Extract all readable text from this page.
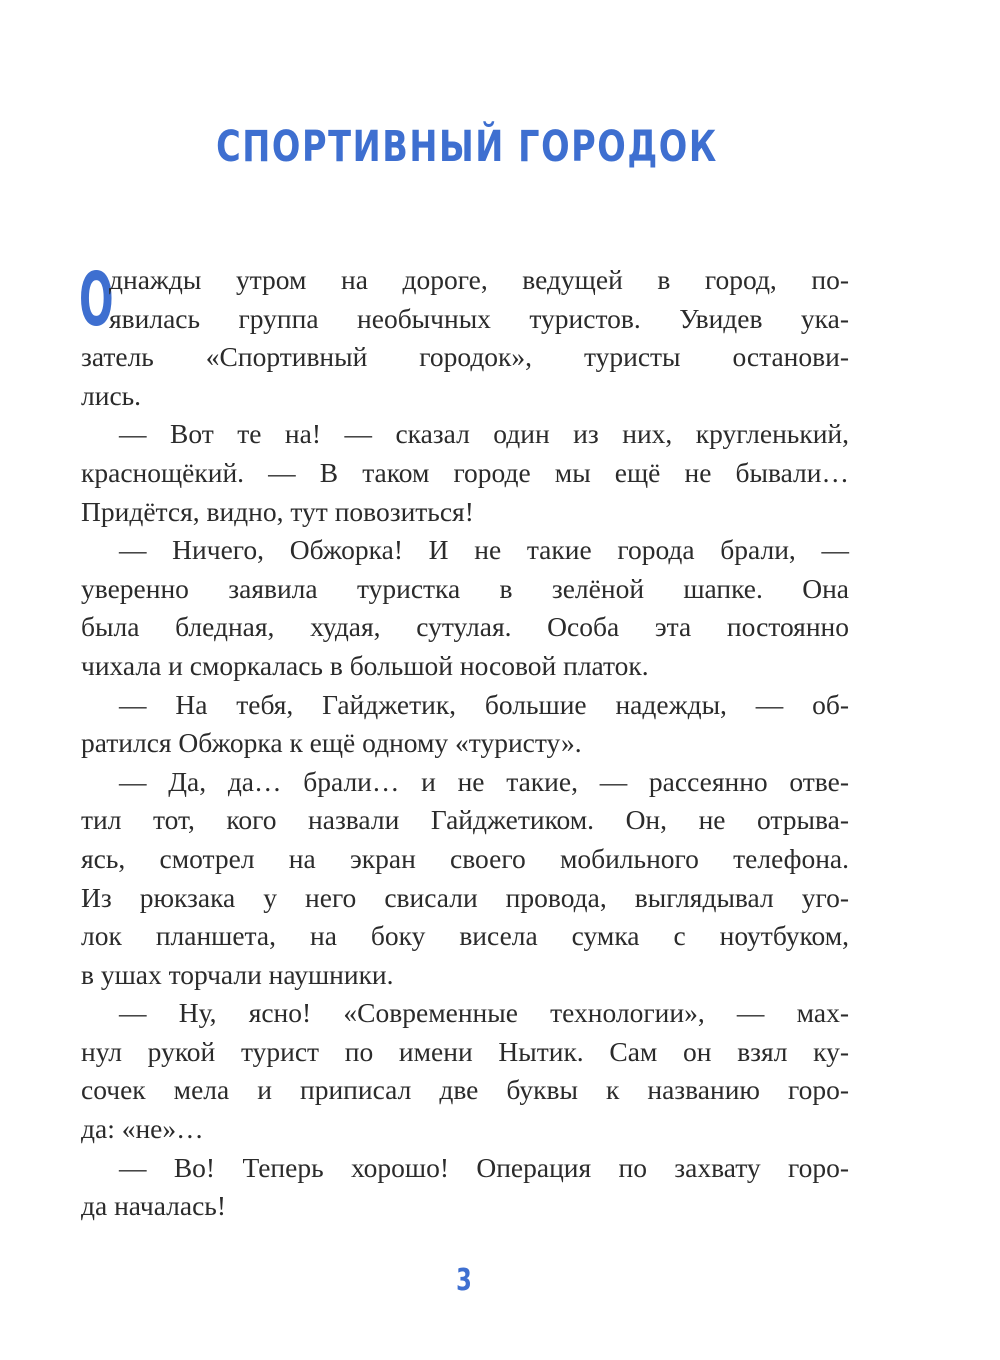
СПОРТИВНЫЙ ГОРОДОК
О
днажды утром на дороге, ведущей в город, по-
явилась группа необычных туристов. Увидев ука-
затель «Спортивный городок», туристы останови-
лись.
— Вот те на! — сказал один из них, кругленький,
краснощёкий. — В таком городе мы ещё не бывали…
Придётся, видно, тут повозиться!
— Ничего, Обжорка! И не такие города брали, —
уверенно заявила туристка в зелёной шапке. Она
была бледная, худая, сутулая. Особа эта постоянно
чихала и сморкалась в большой носовой платок.
— На тебя, Гайджетик, большие надежды, — об-
ратился Обжорка к ещё одному «туристу».
— Да, да… брали… и не такие, — рассеянно отве-
тил тот, кого назвали Гайджетиком. Он, не отрыва-
ясь, смотрел на экран своего мобильного телефона.
Из рюкзака у него свисали провода, выглядывал уго-
лок планшета, на боку висела сумка с ноутбуком,
в ушах торчали наушники.
— Ну, ясно! «Современные технологии», — мах-
нул рукой турист по имени Нытик. Сам он взял ку-
сочек мела и приписал две буквы к названию горо-
да: «не»…
— Во! Теперь хорошо! Операция по захвату горо-
да началась!
3
